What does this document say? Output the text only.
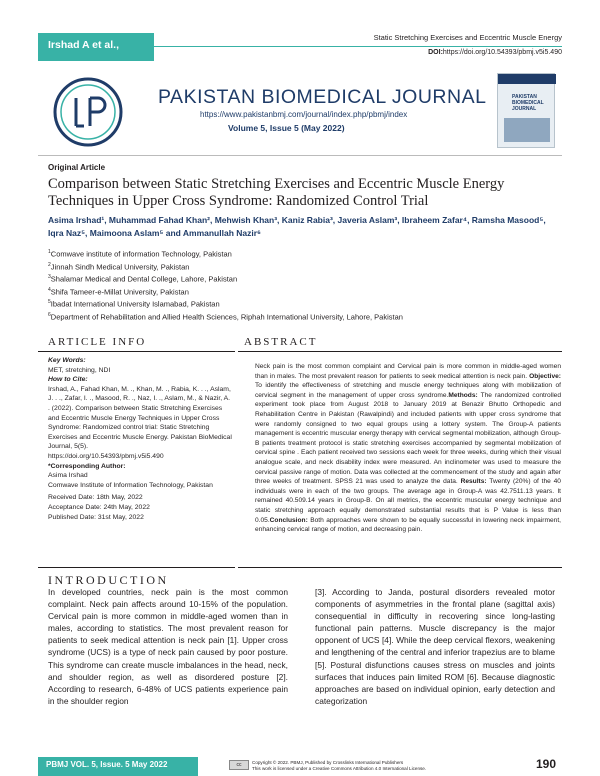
Irshad A et al.,
Static Stretching Exercises and Eccentric Muscle Energy
DOI:https://doi.org/10.54393/pbmj.v5i5.490
PAKISTAN BIOMEDICAL JOURNAL
https://www.pakistanbmj.com/journal/index.php/pbmj/index
Volume 5, Issue 5 (May 2022)
PAKISTAN BIOMEDICAL JOURNAL
Original Article
Comparison between Static Stretching Exercises and Eccentric Muscle Energy Techniques in Upper Cross Syndrome: Randomized Control Trial
Asima Irshad¹, Muhammad Fahad Khan², Mehwish Khan³, Kaniz Rabia³, Javeria Aslam³, Ibraheem Zafar⁴, Ramsha Masood⁵, Iqra Naz⁵, Maimoona Aslam⁵ and Ammanullah Nazir⁶
$^1$Comwave institute of information Technology, Pakistan
$^2$Jinnah Sindh Medical University, Pakistan
$^3$Shalamar Medical and Dental College, Lahore, Pakistan
$^4$Shifa Tameer-e-Millat University, Pakistan
$^5$Ibadat International University Islamabad, Pakistan
$^6$Department of Rehabilitation and Allied Health Sciences, Riphah International University, Lahore, Pakistan
ARTICLE INFO	ABSTRACT
Key Words:
MET, stretching, NDI
How to Cite:
Irshad, A., Fahad Khan, M. ., Khan, M. ., Rabia, K. . ., Aslam, J. . ., Zafar, I. ., Masood, R. ., Naz, I. ., Aslam, M., & Nazir, A. . (2022). Comparison between Static Stretching Exercises and Eccentric Muscle Energy Techniques in Upper Cross Syndrome: Randomized control trial: Static Stretching Exercises and Eccentric Muscle Energy. Pakistan BioMedical Journal, 5(5).
https://doi.org/10.54393/pbmj.v5i5.490
*Corresponding Author:
Asima Irshad
Comwave Institute of Information Technology, Pakistan
Received Date: 18th May, 2022
Acceptance Date: 24th May, 2022
Published Date: 31st May, 2022
Neck pain is the most common complaint and Cervical pain is more common in middle-aged women than in males. The most prevalent reason for patients to seek medical attention is neck pain. Objective: To identify the effectiveness of stretching and muscle energy techniques along with mobilization of cervical segment in the management of upper cross syndrome.Methods: The randomized controlled experiment took place from August 2018 to January 2019 at Benazir Bhutto Orthopedic and Rehabilitation Centre in Pakistan (Rawalpindi) and included patients with upper cross syndrome that were randomly consigned to two equal groups using a lottery system. The Group-A patients management is eccentric muscular energy therapy with cervical segmental mobilization, although Group-B patients treatment protocol is static stretching exercises accompanied by segmental mobilization of cervical spine . Each patient received two sessions each week for three weeks, during which their visual analogue scale, and neck disability index were measured. An inclinometer was used to measure the cervical passive range of motion. Data was collected at the commencement of the study and again after three weeks of treatment. SPSS 21 was used to analyze the data. Results: Twenty (20%) of the 40 individuals were in each of the two groups. The average age in Group-A was 42.7511.13 years. It remained 40.509.14 years in Group-B. On all metrics, the eccentric muscular energy technique and static stretching approach equally demonstrated substantial results that is P Value is less than 0.05.Conclusion: Both approaches were shown to be equally successful in lowering neck impairment, enhancing cervical range of motion, and decreasing pain.
INTRODUCTION
In developed countries, neck pain is the most common complaint. Neck pain affects around 10-15% of the population. Cervical pain is more common in middle-aged women than in males, according to statistics. The most prevalent reason for patients to seek medical attention is neck pain [1]. Upper cross syndrome (UCS) is a type of neck pain caused by poor posture. This syndrome can create muscle imbalances in the head, neck, and shoulder region, as well as disordered posture [2]. According to research, 6-48% of UCS patients experience pain in the shoulder region
[3]. According to Janda, postural disorders revealed motor components of asymmetries in the frontal plane (sagittal axis) consequential in difficulty in recovering since long-lasting functional pain patterns. Muscle discrepancy is the major opponent of UCS [4]. While the deep cervical flexors, weakening and lengthening of the central and inferior trapezius are to blame [5]. Postural disfunctions causes stress on muscles and joints surfaces that induces pain limited ROM [6]. Because diagnostic approaches are based on individual opinion, early detection and categorization
PBMJ VOL. 5, Issue. 5 May 2022	cc	Copyright © 2022. PBMJ, Published by Crosslinks International Publishers
This work is licensed under a Creative Commons Attribution 4.0 International License.	190
